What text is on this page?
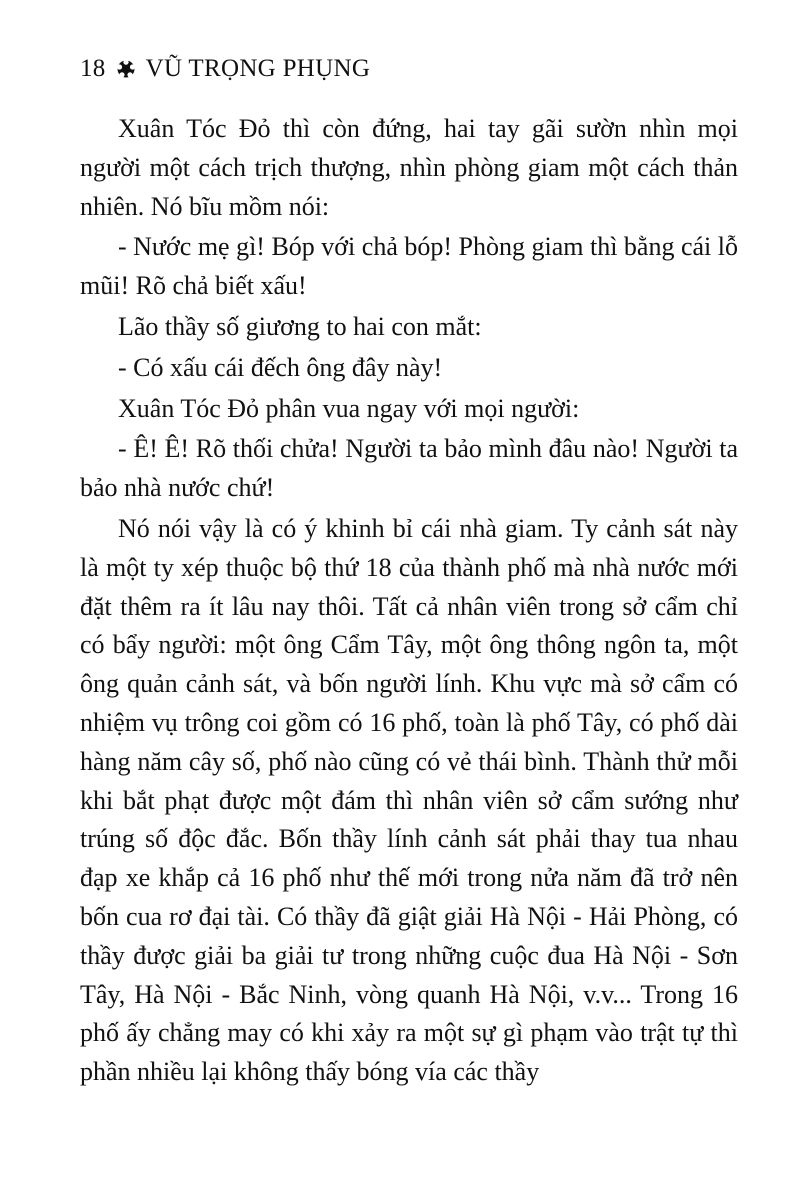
18 VŨ TRỌNG PHỤNG

Xuân Tóc Đỏ thì còn đứng, hai tay gãi sườn nhìn mọi người một cách trịch thượng, nhìn phòng giam một cách thản nhiên. Nó bĩu mồm nói:

- Nước mẹ gì! Bóp với chả bóp! Phòng giam thì bằng cái lỗ mũi! Rõ chả biết xấu!

Lão thầy số giương to hai con mắt:

- Có xấu cái đếch ông đây này!

Xuân Tóc Đỏ phân vua ngay với mọi người:

- Ê! Ê! Rõ thối chửa! Người ta bảo mình đâu nào! Người ta bảo nhà nước chứ!

Nó nói vậy là có ý khinh bỉ cái nhà giam. Ty cảnh sát này là một ty xép thuộc bộ thứ 18 của thành phố mà nhà nước mới đặt thêm ra ít lâu nay thôi. Tất cả nhân viên trong sở cẩm chỉ có bẩy người: một ông Cẩm Tây, một ông thông ngôn ta, một ông quản cảnh sát, và bốn người lính. Khu vực mà sở cẩm có nhiệm vụ trông coi gồm có 16 phố, toàn là phố Tây, có phố dài hàng năm cây số, phố nào cũng có vẻ thái bình. Thành thử mỗi khi bắt phạt được một đám thì nhân viên sở cẩm sướng như trúng số độc đắc. Bốn thầy lính cảnh sát phải thay tua nhau đạp xe khắp cả 16 phố như thế mới trong nửa năm đã trở nên bốn cua rơ đại tài. Có thầy đã giật giải Hà Nội - Hải Phòng, có thầy được giải ba giải tư trong những cuộc đua Hà Nội - Sơn Tây, Hà Nội - Bắc Ninh, vòng quanh Hà Nội, v.v... Trong 16 phố ấy chẳng may có khi xảy ra một sự gì phạm vào trật tự thì phần nhiều lại không thấy bóng vía các thầy
